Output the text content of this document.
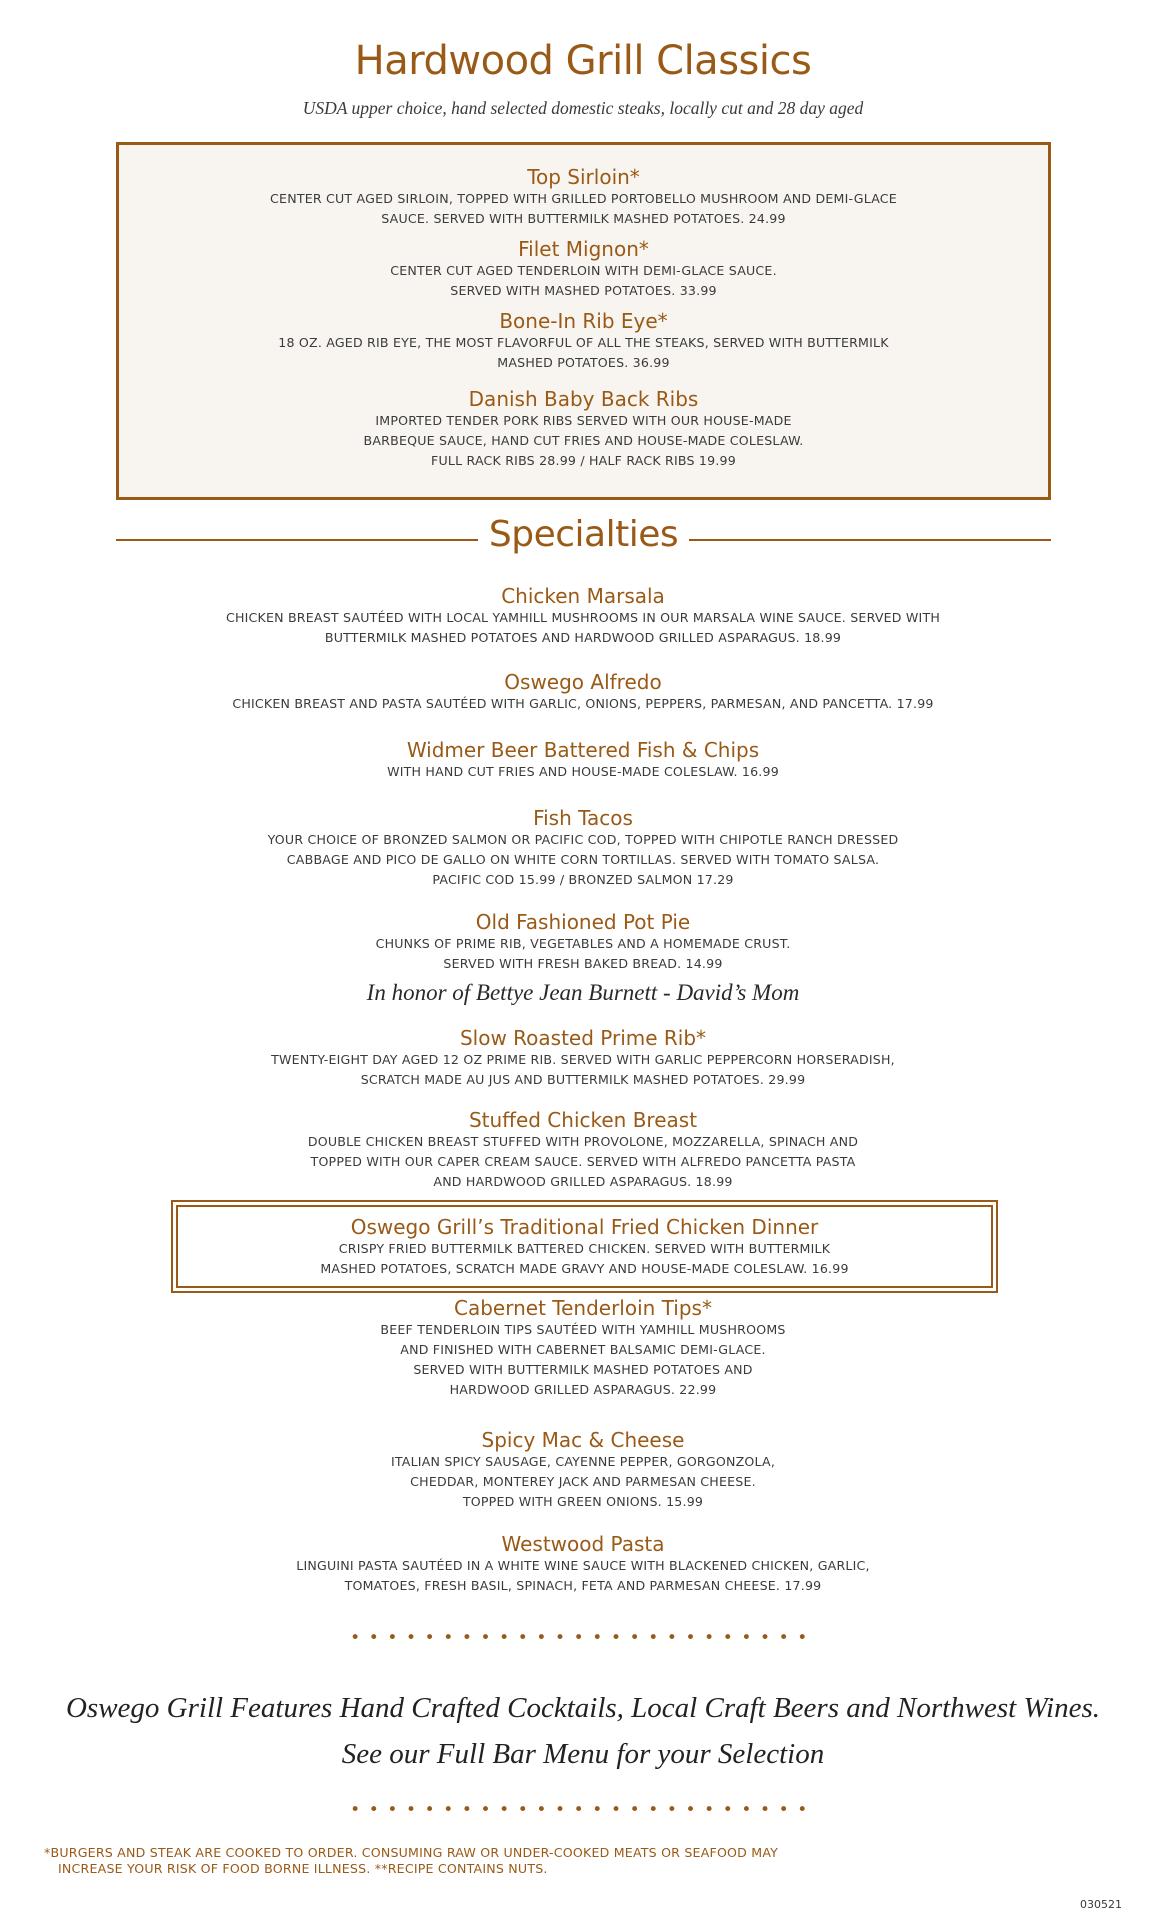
Hardwood Grill Classics
USDA upper choice, hand selected domestic steaks, locally cut and 28 day aged
Top Sirloin*
CENTER CUT AGED SIRLOIN, TOPPED WITH GRILLED PORTOBELLO MUSHROOM AND DEMI-GLACE
SAUCE. SERVED WITH BUTTERMILK MASHED POTATOES. 24.99
Filet Mignon*
CENTER CUT AGED TENDERLOIN WITH DEMI-GLACE SAUCE.
SERVED WITH MASHED POTATOES. 33.99
Bone-In Rib Eye*
18 OZ. AGED RIB EYE, THE MOST FLAVORFUL OF ALL THE STEAKS, SERVED WITH BUTTERMILK
MASHED POTATOES. 36.99
Danish Baby Back Ribs
IMPORTED TENDER PORK RIBS SERVED WITH OUR HOUSE-MADE
BARBEQUE SAUCE, HAND CUT FRIES AND HOUSE-MADE COLESLAW.
FULL RACK RIBS 28.99 / HALF RACK RIBS 19.99
Specialties
Chicken Marsala
CHICKEN BREAST SAUTÉED WITH LOCAL YAMHILL MUSHROOMS IN OUR MARSALA WINE SAUCE. SERVED WITH
BUTTERMILK MASHED POTATOES AND HARDWOOD GRILLED ASPARAGUS. 18.99
Oswego Alfredo
CHICKEN BREAST AND PASTA SAUTÉED WITH GARLIC, ONIONS, PEPPERS, PARMESAN, AND PANCETTA. 17.99
Widmer Beer Battered Fish & Chips
WITH HAND CUT FRIES AND HOUSE-MADE COLESLAW. 16.99
Fish Tacos
YOUR CHOICE OF BRONZED SALMON OR PACIFIC COD, TOPPED WITH CHIPOTLE RANCH DRESSED
CABBAGE AND PICO DE GALLO ON WHITE CORN TORTILLAS. SERVED WITH TOMATO SALSA.
PACIFIC COD 15.99 / BRONZED SALMON 17.29
Old Fashioned Pot Pie
CHUNKS OF PRIME RIB, VEGETABLES AND A HOMEMADE CRUST.
SERVED WITH FRESH BAKED BREAD. 14.99
In honor of Bettye Jean Burnett - David’s Mom
Slow Roasted Prime Rib*
TWENTY-EIGHT DAY AGED 12 OZ PRIME RIB. SERVED WITH GARLIC PEPPERCORN HORSERADISH,
SCRATCH MADE AU JUS AND BUTTERMILK MASHED POTATOES. 29.99
Stuffed Chicken Breast
DOUBLE CHICKEN BREAST STUFFED WITH PROVOLONE, MOZZARELLA, SPINACH AND
TOPPED WITH OUR CAPER CREAM SAUCE. SERVED WITH ALFREDO PANCETTA PASTA
AND HARDWOOD GRILLED ASPARAGUS. 18.99
Oswego Grill’s Traditional Fried Chicken Dinner
CRISPY FRIED BUTTERMILK BATTERED CHICKEN. SERVED WITH BUTTERMILK
MASHED POTATOES, SCRATCH MADE GRAVY AND HOUSE-MADE COLESLAW. 16.99
Cabernet Tenderloin Tips*
BEEF TENDERLOIN TIPS SAUTÉED WITH YAMHILL MUSHROOMS
AND FINISHED WITH CABERNET BALSAMIC DEMI-GLACE.
SERVED WITH BUTTERMILK MASHED POTATOES AND
HARDWOOD GRILLED ASPARAGUS. 22.99
Spicy Mac & Cheese
ITALIAN SPICY SAUSAGE, CAYENNE PEPPER, GORGONZOLA,
CHEDDAR, MONTEREY JACK AND PARMESAN CHEESE.
TOPPED WITH GREEN ONIONS. 15.99
Westwood Pasta
LINGUINI PASTA SAUTÉED IN A WHITE WINE SAUCE WITH BLACKENED CHICKEN, GARLIC,
TOMATOES, FRESH BASIL, SPINACH, FETA AND PARMESAN CHEESE. 17.99
•••••••••••••••••••••••••
Oswego Grill Features Hand Crafted Cocktails, Local Craft Beers and Northwest Wines.
See our Full Bar Menu for your Selection
•••••••••••••••••••••••••
*BURGERS AND STEAK ARE COOKED TO ORDER. CONSUMING RAW OR UNDER-COOKED MEATS OR SEAFOOD MAY
INCREASE YOUR RISK OF FOOD BORNE ILLNESS. **RECIPE CONTAINS NUTS.
030521
